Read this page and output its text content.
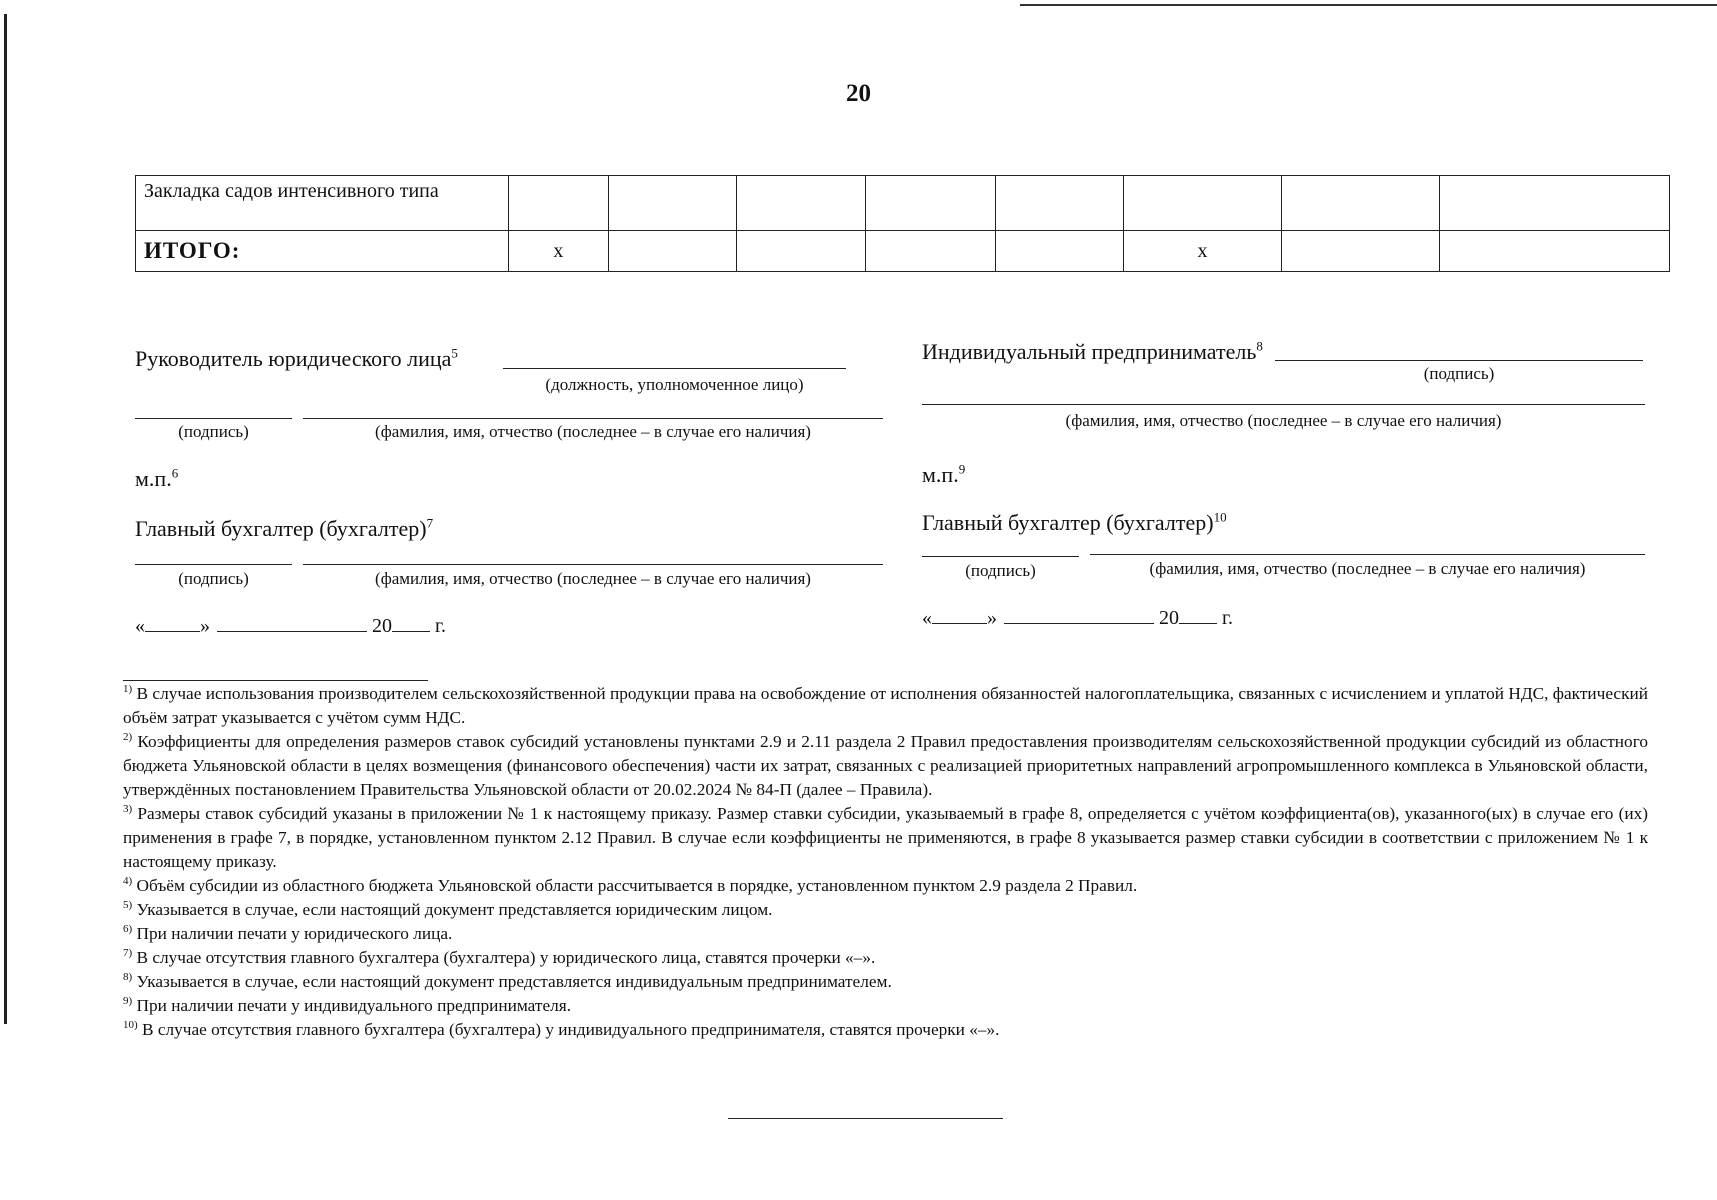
20
Закладка садов интенсивного типа								
ИТОГО:	х					х		
Руководитель юридического лица$^5$
(должность, уполномоченное лицо)
(подпись)	(фамилия, имя, отчество (последнее – в случае его наличия)
м.п.$^6$
Главный бухгалтер (бухгалтер)$^7$
(подпись)	(фамилия, имя, отчество (последнее – в случае его наличия)
«	»	20 г.
Индивидуальный предприниматель$^8$
(подпись)
(фамилия, имя, отчество (последнее – в случае его наличия)
м.п.$^9$
Главный бухгалтер (бухгалтер)$^{10}$
(подпись)	(фамилия, имя, отчество (последнее – в случае его наличия)
«	»	20 г.

$^{1)}$ В случае использования производителем сельскохозяйственной продукции права на освобождение от исполнения обязанностей налогоплательщика, связанных с исчислением и уплатой НДС, фактический объём затрат указывается с учётом сумм НДС.

$^{2)}$ Коэффициенты для определения размеров ставок субсидий установлены пунктами 2.9 и 2.11 раздела 2 Правил предоставления производителям сельскохозяйственной продукции субсидий из областного бюджета Ульяновской области в целях возмещения (финансового обеспечения) части их затрат, связанных с реализацией приоритетных направлений агропромышленного комплекса в Ульяновской области, утверждённых постановлением Правительства Ульяновской области от 20.02.2024 № 84-П (далее – Правила).

$^{3)}$ Размеры ставок субсидий указаны в приложении № 1 к настоящему приказу. Размер ставки субсидии, указываемый в графе 8, определяется с учётом коэффициента(ов), указанного(ых) в случае его (их) применения в графе 7, в порядке, установленном пунктом 2.12 Правил. В случае если коэффициенты не применяются, в графе 8 указывается размер ставки субсидии в соответствии с приложением № 1 к настоящему приказу.

$^{4)}$ Объём субсидии из областного бюджета Ульяновской области рассчитывается в порядке, установленном пунктом 2.9 раздела 2 Правил.

$^{5)}$ Указывается в случае, если настоящий документ представляется юридическим лицом.

$^{6)}$ При наличии печати у юридического лица.

$^{7)}$ В случае отсутствия главного бухгалтера (бухгалтера) у юридического лица, ставятся прочерки «–».

$^{8)}$ Указывается в случае, если настоящий документ представляется индивидуальным предпринимателем.

$^{9)}$ При наличии печати у индивидуального предпринимателя.

$^{10)}$ В случае отсутствия главного бухгалтера (бухгалтера) у индивидуального предпринимателя, ставятся прочерки «–».
